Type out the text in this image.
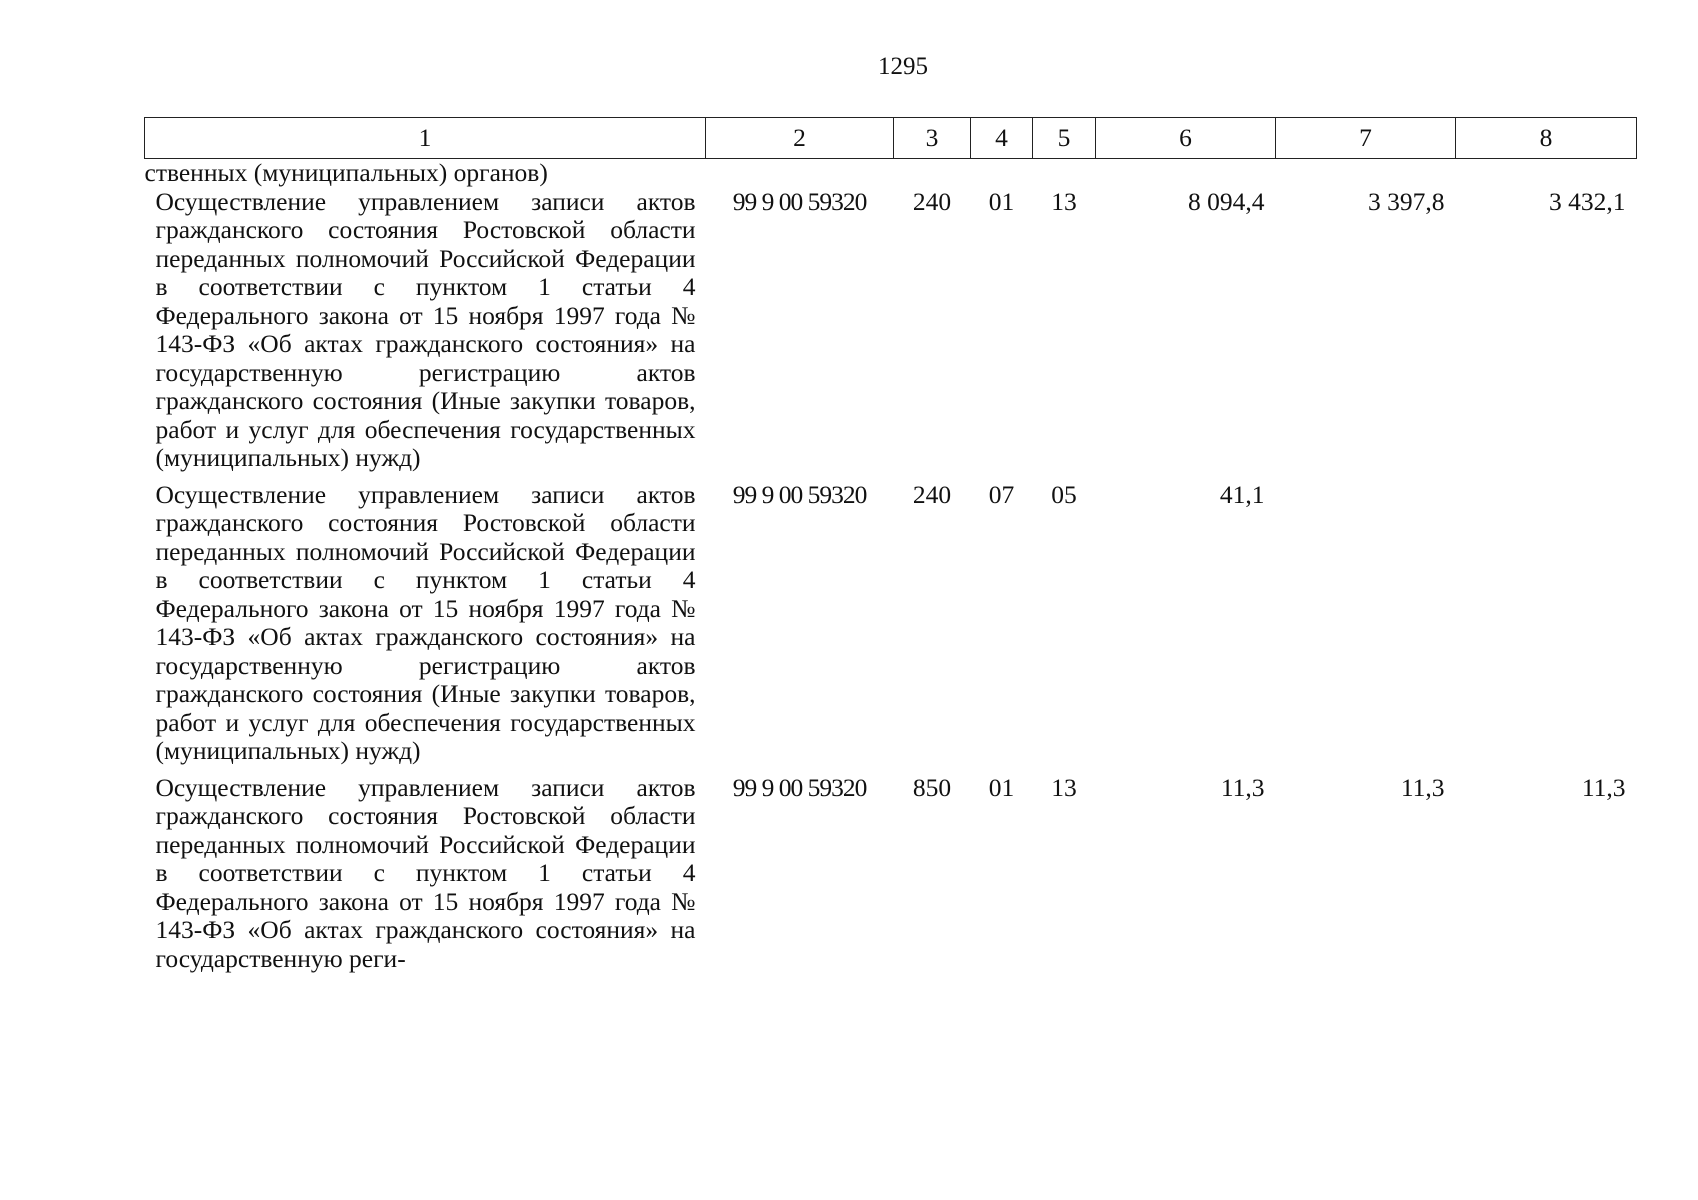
1295
1	2	3	4	5	6	7	8
ственных (муниципальных) органов)							
Осуществление управлением записи актов гражданского состояния Ростовской области переданных полномочий Российской Федерации в соответствии с пунктом 1 статьи 4 Федерального закона от 15 ноября 1997 года № 143-ФЗ «Об актах гражданского состояния» на государственную регистрацию актов гражданского состояния (Иные закупки товаров, работ и услуг для обеспечения государственных (муниципальных) нужд)	99 9 00 59320	240	01	13	8 094,4	3 397,8	3 432,1
Осуществление управлением записи актов гражданского состояния Ростовской области переданных полномочий Российской Федерации в соответствии с пунктом 1 статьи 4 Федерального закона от 15 ноября 1997 года № 143-ФЗ «Об актах гражданского состояния» на государственную регистрацию актов гражданского состояния (Иные закупки товаров, работ и услуг для обеспечения государственных (муниципальных) нужд)	99 9 00 59320	240	07	05	41,1		
Осуществление управлением записи актов гражданского состояния Ростовской области переданных полномочий Российской Федерации в соответствии с пунктом 1 статьи 4 Федерального закона от 15 ноября 1997 года № 143-ФЗ «Об актах гражданского состояния» на государственную реги-	99 9 00 59320	850	01	13	11,3	11,3	11,3
